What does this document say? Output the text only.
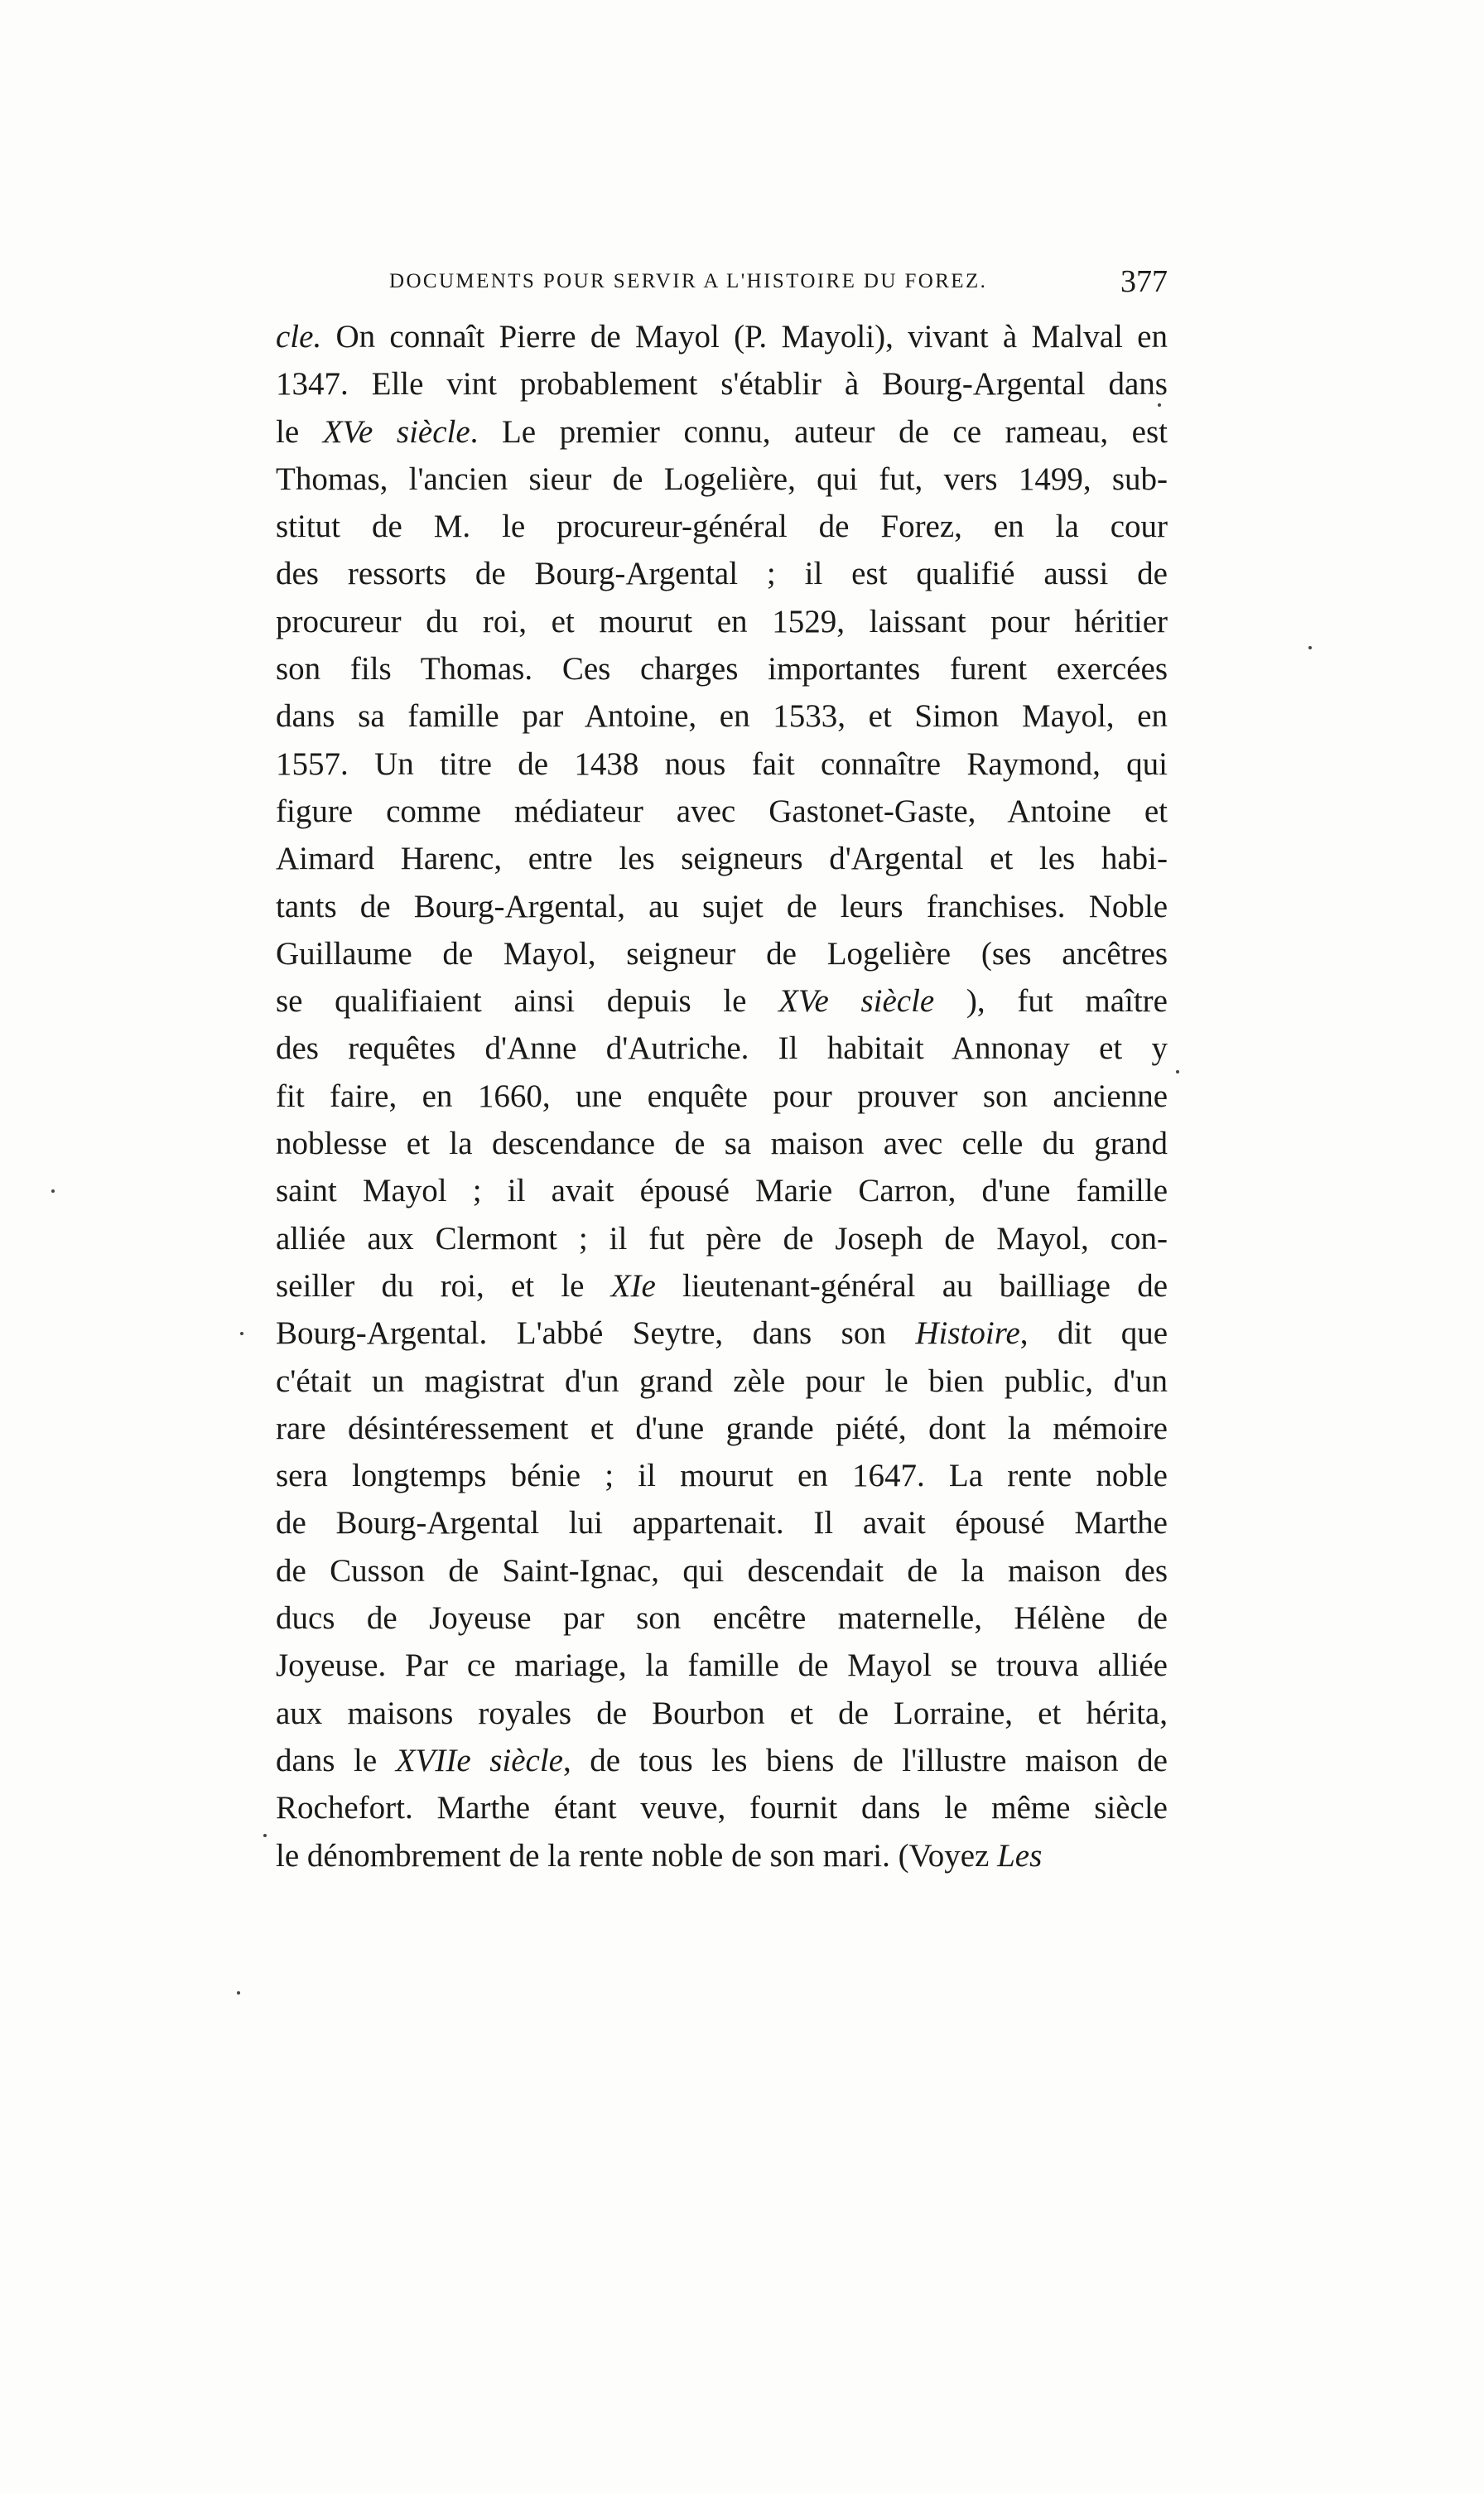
DOCUMENTS POUR SERVIR A L'HISTOIRE DU FOREZ.	377
cle. On connaît Pierre de Mayol (P. Mayoli), vivant à Malval en
1347. Elle vint probablement s'établir à Bourg-Argental dans
le XVe siècle. Le premier connu, auteur de ce rameau, est
Thomas, l'ancien sieur de Logelière, qui fut, vers 1499, sub-
stitut de M. le procureur-général de Forez, en la cour
des ressorts de Bourg-Argental ; il est qualifié aussi de
procureur du roi, et mourut en 1529, laissant pour héritier
son fils Thomas. Ces charges importantes furent exercées
dans sa famille par Antoine, en 1533, et Simon Mayol, en
1557. Un titre de 1438 nous fait connaître Raymond, qui
figure comme médiateur avec Gastonet-Gaste, Antoine et
Aimard Harenc, entre les seigneurs d'Argental et les habi-
tants de Bourg-Argental, au sujet de leurs franchises. Noble
Guillaume de Mayol, seigneur de Logelière (ses ancêtres
se qualifiaient ainsi depuis le XVe siècle ), fut maître
des requêtes d'Anne d'Autriche. Il habitait Annonay et y
fit faire, en 1660, une enquête pour prouver son ancienne
noblesse et la descendance de sa maison avec celle du grand
saint Mayol ; il avait épousé Marie Carron, d'une famille
alliée aux Clermont ; il fut père de Joseph de Mayol, con-
seiller du roi, et le XIe lieutenant-général au bailliage de
Bourg-Argental. L'abbé Seytre, dans son Histoire, dit que
c'était un magistrat d'un grand zèle pour le bien public, d'un
rare désintéressement et d'une grande piété, dont la mémoire
sera longtemps bénie ; il mourut en 1647. La rente noble
de Bourg-Argental lui appartenait. Il avait épousé Marthe
de Cusson de Saint-Ignac, qui descendait de la maison des
ducs de Joyeuse par son encêtre maternelle, Hélène de
Joyeuse. Par ce mariage, la famille de Mayol se trouva alliée
aux maisons royales de Bourbon et de Lorraine, et hérita,
dans le XVIIe siècle, de tous les biens de l'illustre maison de
Rochefort. Marthe étant veuve, fournit dans le même siècle
le dénombrement de la rente noble de son mari. (Voyez Les
